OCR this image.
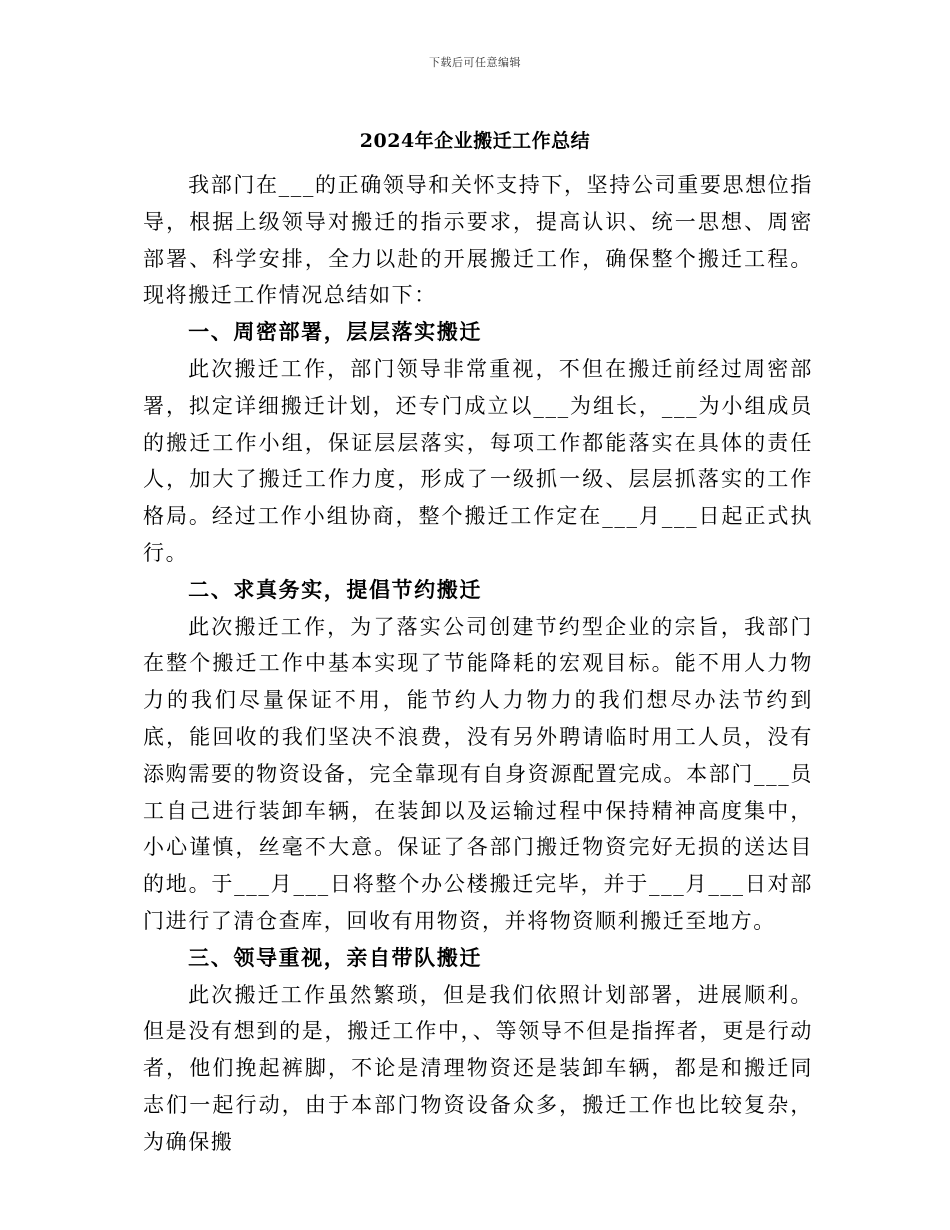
下载后可任意编辑
2024年企业搬迁工作总结

我部门在___的正确领导和关怀支持下，坚持公司重要思想位指导，根据上级领导对搬迁的指示要求，提高认识、统一思想、周密部署、科学安排，全力以赴的开展搬迁工作，确保整个搬迁工程。现将搬迁工作情况总结如下：

一、周密部署，层层落实搬迁

此次搬迁工作，部门领导非常重视，不但在搬迁前经过周密部署，拟定详细搬迁计划，还专门成立以___为组长，___为小组成员的搬迁工作小组，保证层层落实，每项工作都能落实在具体的责任人，加大了搬迁工作力度，形成了一级抓一级、层层抓落实的工作格局。经过工作小组协商，整个搬迁工作定在___月___日起正式执行。

二、求真务实，提倡节约搬迁

此次搬迁工作，为了落实公司创建节约型企业的宗旨，我部门在整个搬迁工作中基本实现了节能降耗的宏观目标。能不用人力物力的我们尽量保证不用，能节约人力物力的我们想尽办法节约到底，能回收的我们坚决不浪费，没有另外聘请临时用工人员，没有添购需要的物资设备，完全靠现有自身资源配置完成。本部门___员工自己进行装卸车辆，在装卸以及运输过程中保持精神高度集中，小心谨慎，丝毫不大意。保证了各部门搬迁物资完好无损的送达目的地。于___月___日将整个办公楼搬迁完毕，并于___月___日对部门进行了清仓查库，回收有用物资，并将物资顺利搬迁至地方。

三、领导重视，亲自带队搬迁

此次搬迁工作虽然繁琐，但是我们依照计划部署，进展顺利。但是没有想到的是，搬迁工作中，、等领导不但是指挥者，更是行动者，他们挽起裤脚，不论是清理物资还是装卸车辆，都是和搬迁同志们一起行动，由于本部门物资设备众多，搬迁工作也比较复杂，为确保搬
